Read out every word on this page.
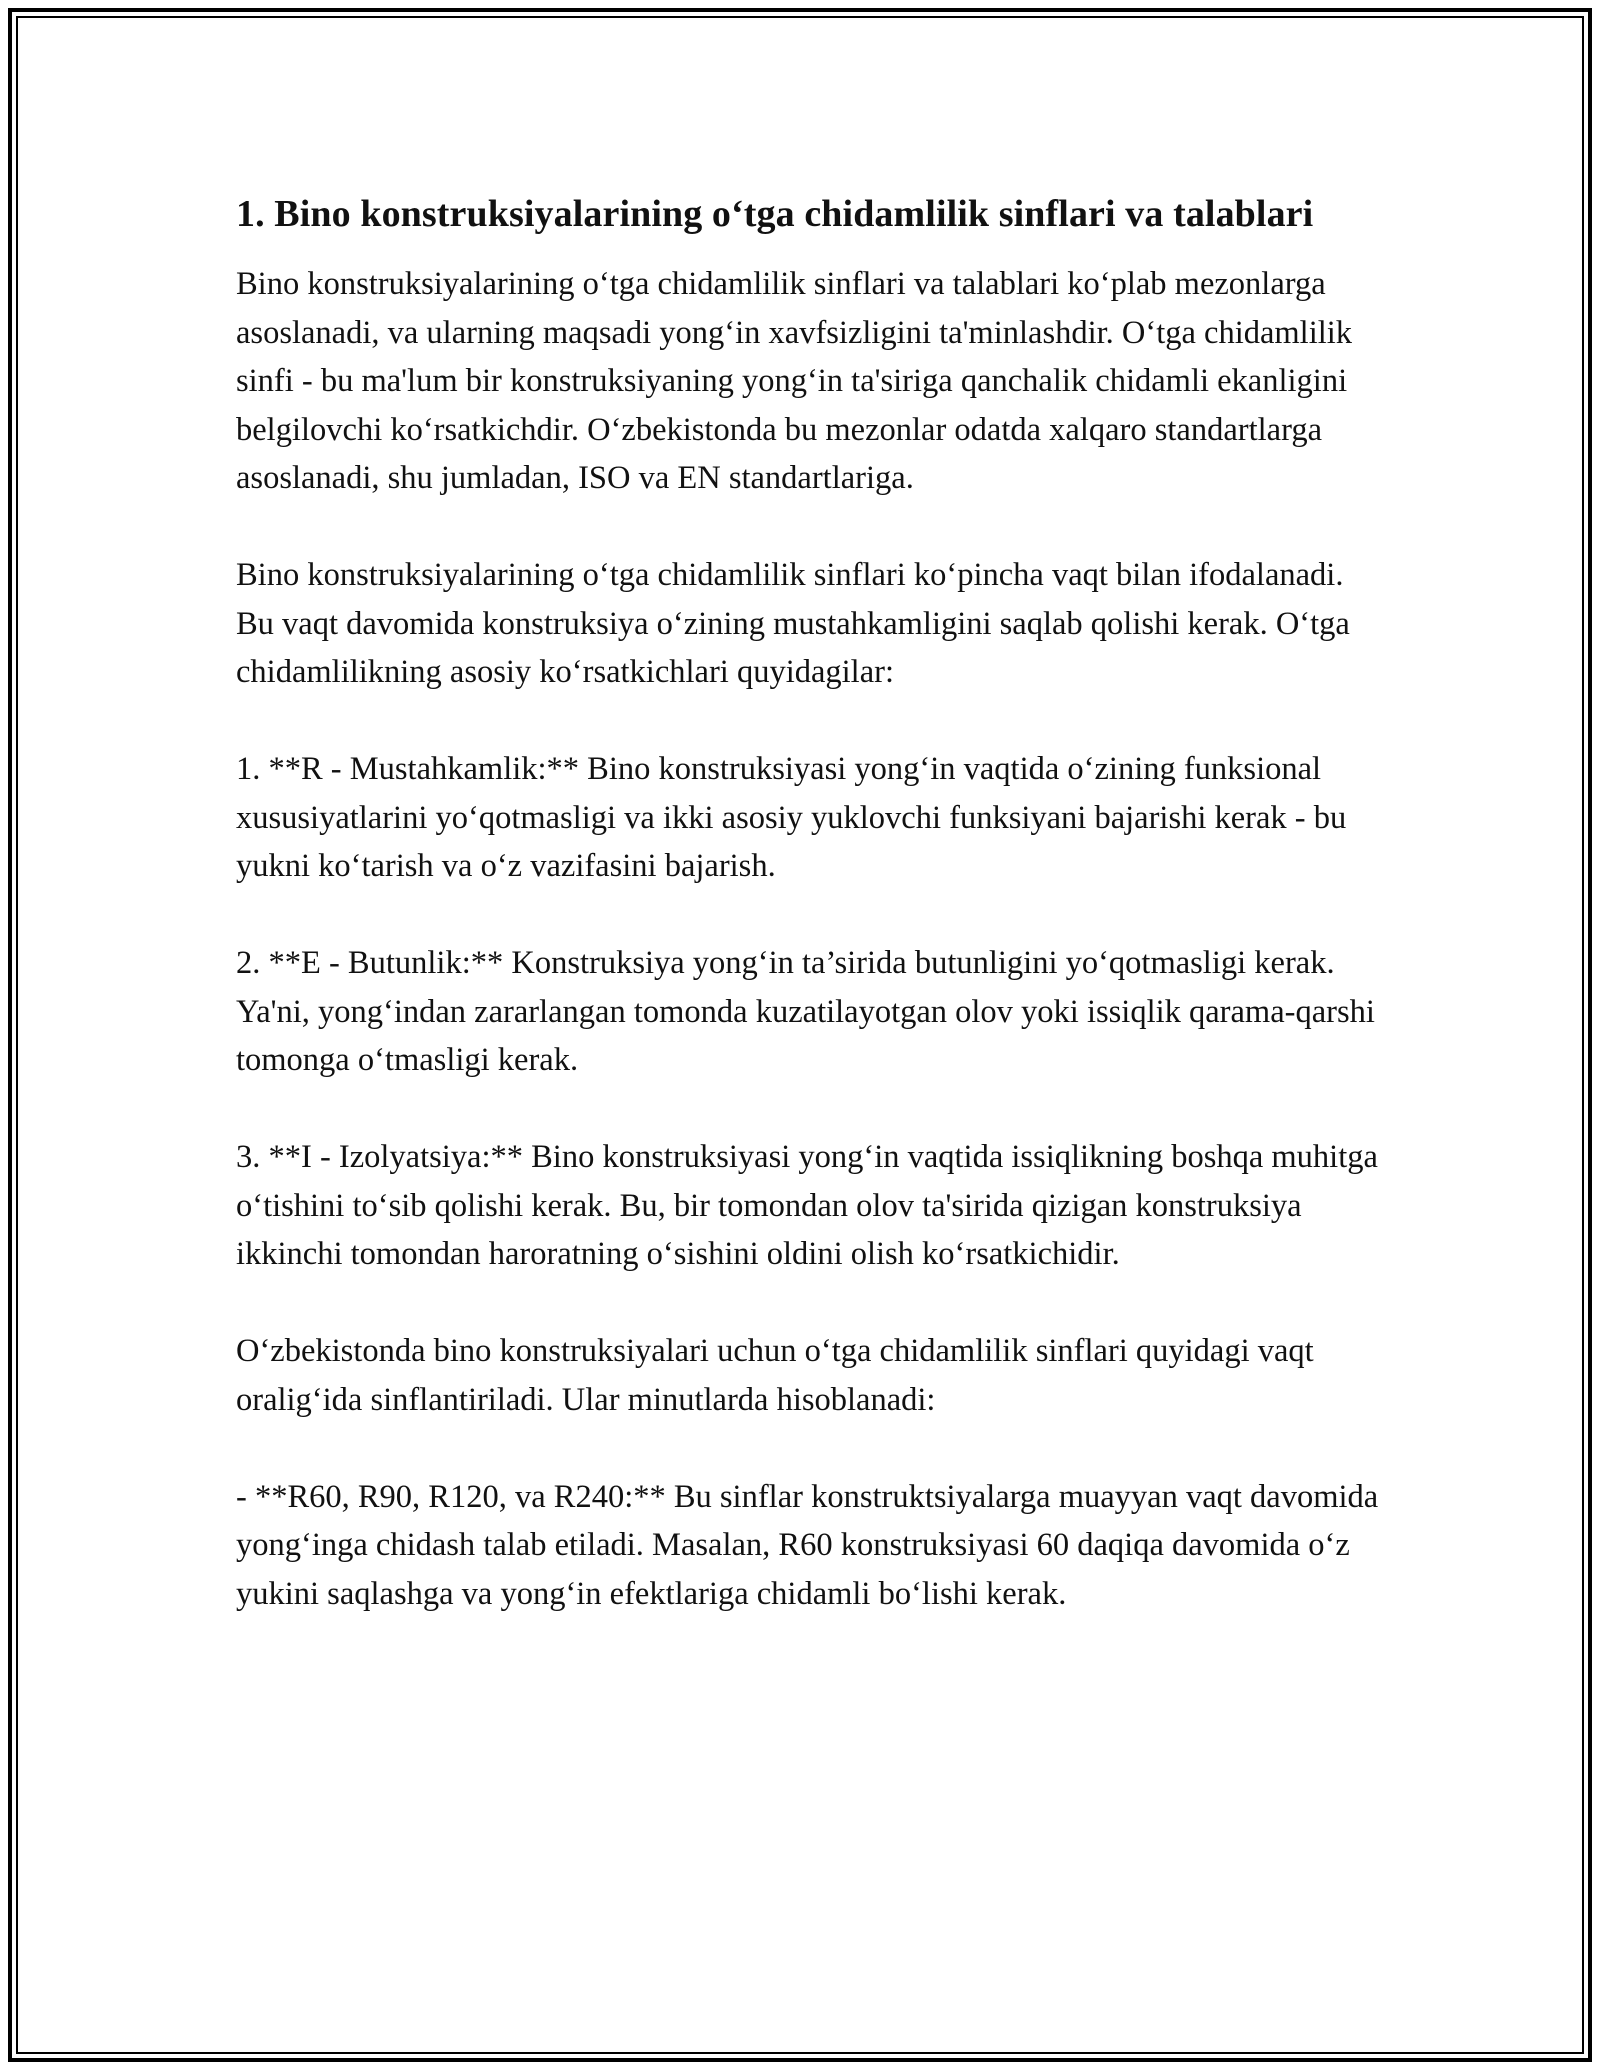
1. Bino konstruksiyalarining o‘tga chidamlilik sinflari va talablari

Bino konstruksiyalarining o‘tga chidamlilik sinflari va talablari ko‘plab mezonlarga asoslanadi, va ularning maqsadi yong‘in xavfsizligini ta'minlashdir. O‘tga chidamlilik sinfi - bu ma'lum bir konstruksiyaning yong‘in ta'siriga qanchalik chidamli ekanligini belgilovchi ko‘rsatkichdir. O‘zbekistonda bu mezonlar odatda xalqaro standartlarga asoslanadi, shu jumladan, ISO va EN standartlariga.

Bino konstruksiyalarining o‘tga chidamlilik sinflari ko‘pincha vaqt bilan ifodalanadi. Bu vaqt davomida konstruksiya o‘zining mustahkamligini saqlab qolishi kerak. O‘tga chidamlilikning asosiy ko‘rsatkichlari quyidagilar:

1. **R - Mustahkamlik:** Bino konstruksiyasi yong‘in vaqtida o‘zining funksional xususiyatlarini yo‘qotmasligi va ikki asosiy yuklovchi funksiyani bajarishi kerak - bu yukni ko‘tarish va o‘z vazifasini bajarish.

2. **E - Butunlik:** Konstruksiya yong‘in ta’sirida butunligini yo‘qotmasligi kerak. Ya'ni, yong‘indan zararlangan tomonda kuzatilayotgan olov yoki issiqlik qarama-qarshi tomonga o‘tmasligi kerak.

3. **I - Izolyatsiya:** Bino konstruksiyasi yong‘in vaqtida issiqlikning boshqa muhitga o‘tishini to‘sib qolishi kerak. Bu, bir tomondan olov ta'sirida qizigan konstruksiya ikkinchi tomondan haroratning o‘sishini oldini olish ko‘rsatkichidir.

O‘zbekistonda bino konstruksiyalari uchun o‘tga chidamlilik sinflari quyidagi vaqt oralig‘ida sinflantiriladi. Ular minutlarda hisoblanadi:

- **R60, R90, R120, va R240:** Bu sinflar konstruktsiyalarga muayyan vaqt davomida yong‘inga chidash talab etiladi. Masalan, R60 konstruksiyasi 60 daqiqa davomida o‘z yukini saqlashga va yong‘in efektlariga chidamli bo‘lishi kerak.
